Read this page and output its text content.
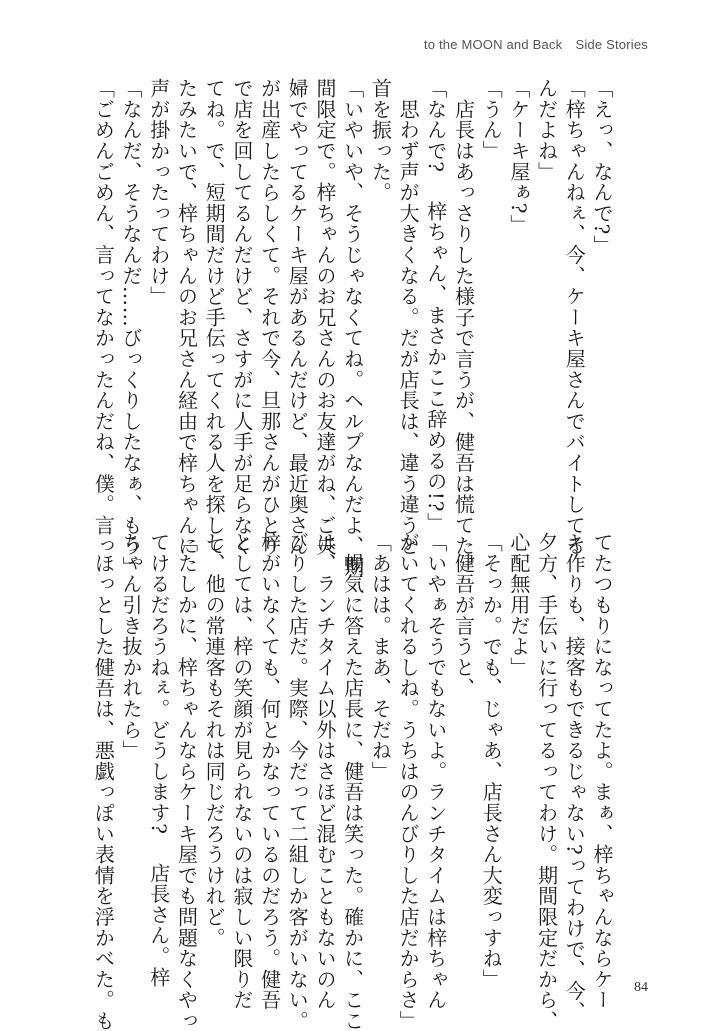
to the MOON and Back　Side Stories
「えっ、なんで?」
「梓ちゃんねぇ、今、ケーキ屋さんでバイトしてる
んだよね」
「ケーキ屋ぁ?」
「うん」
　店長はあっさりした様子で言うが、健吾は慌てた。
「なんで? 　梓ちゃん、まさかここ辞めるの!?」
　思わず声が大きくなる。だが店長は、違う違うと
首を振った。
「いやいや、そうじゃなくてね。ヘルプなんだよ、期
間限定で。梓ちゃんのお兄さんのお友達がね、ご夫
婦でやってるケーキ屋があるんだけど、最近奥さん
が出産したらしくて。それで今、旦那さんがひとり
で店を回してるんだけど、さすがに人手が足らなく
てね。で、短期間だけど手伝ってくれる人を探して
たみたいで、梓ちゃんのお兄さん経由で梓ちゃんに
声が掛かったってわけ」
「なんだ、そうなんだ……びっくりしたなぁ、もう」
「ごめんごめん、言ってなかったんだね、僕。言っ
てたつもりになってたよ。まぁ、梓ちゃんならケー
キ作りも、接客もできるじゃない?ってわけで、今、
夕方、手伝いに行ってるってわけ。期間限定だから、
心配無用だよ」
「そっか。でも、じゃあ、店長さん大変っすね」
　健吾が言うと、
「いやぁそうでもないよ。ランチタイムは梓ちゃん
がいてくれるしね。うちはのんびりした店だからさ」
「あはは。まあ、そだね」
　暢気に答えた店長に、健吾は笑った。確かに、ここ
は、ランチタイム以外はさほど混むこともないのん
びりした店だ。実際、今だって二組しか客がいない。
梓がいなくても、何とかなっているのだろう。健吾
としては、梓の笑顔が見られないのは寂しい限りだ
し、他の常連客もそれは同じだろうけれど。
「たしかに、梓ちゃんならケーキ屋でも問題なくやっ
てけるだろうねぇ。どうします? 　店長さん。梓
ちゃん引き抜かれたら」
　ほっとした健吾は、悪戯っぽい表情を浮かべた。も	84
